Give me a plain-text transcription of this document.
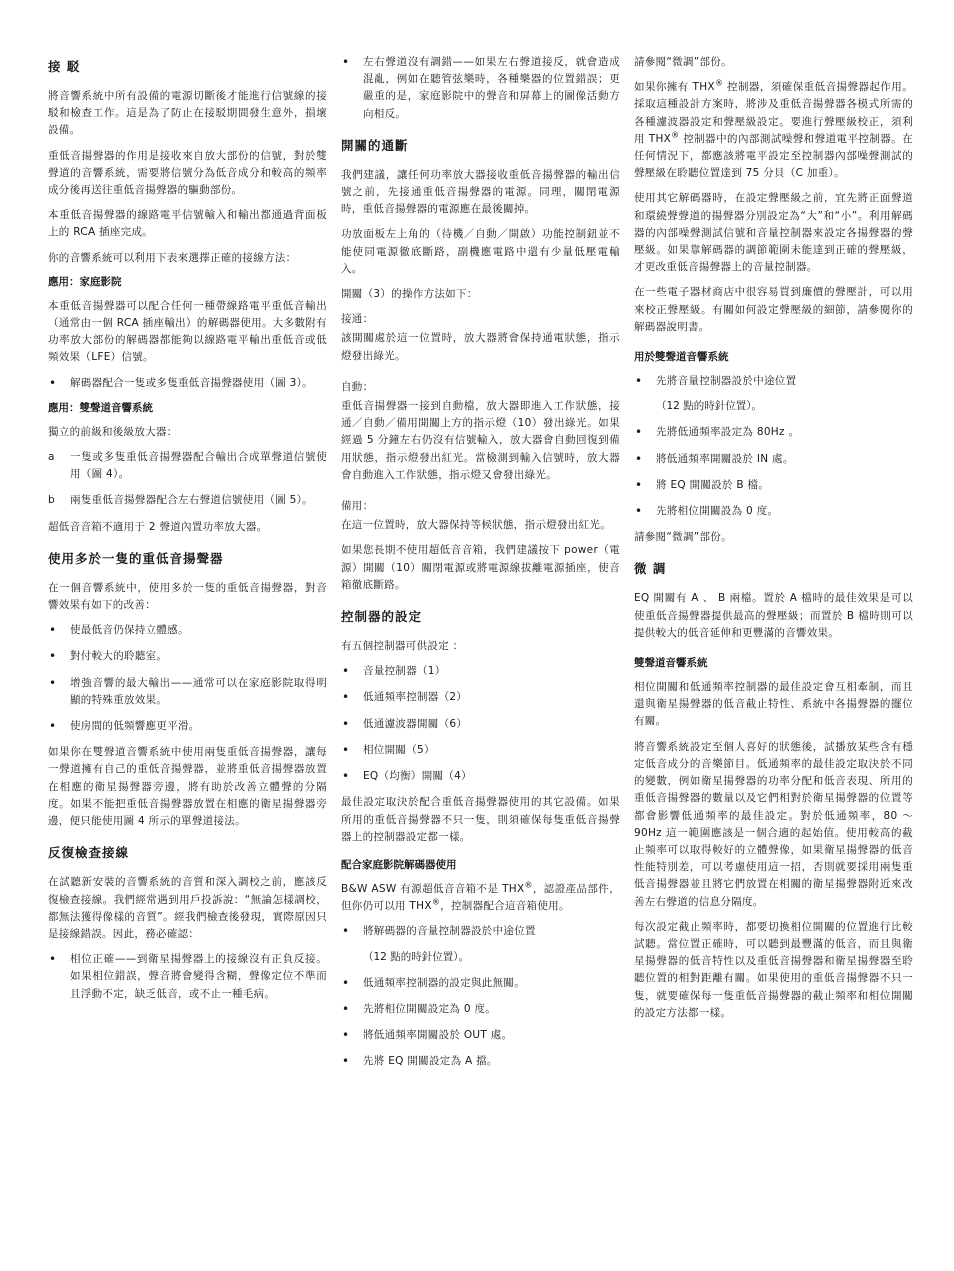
接 駁

將音響系統中所有設備的電源切斷後才能進行信號線的接駁和檢查工作。這是為了防止在接駁期間發生意外，損壞設備。

重低音揚聲器的作用是接收來自放大部份的信號，對於雙聲道的音響系統，需要將信號分為低音成分和較高的頻率成分後再送往重低音揚聲器的驅動部份。

本重低音揚聲器的線路電平信號輸入和輸出都通過背面板上的 RCA 插座完成。

你的音響系統可以利用下表來選擇正確的接線方法：

應用：家庭影院

本重低音揚聲器可以配合任何一種帶線路電平重低音輸出（通常由一個 RCA 插座輸出）的解碼器使用。大多數附有功率放大部份的解碼器都能夠以線路電平輸出重低音或低頻效果（LFE）信號。

• 解碼器配合一隻或多隻重低音揚聲器使用（圖 3）。
應用：雙聲道音響系統

獨立的前級和後級放大器：

a	一隻或多隻重低音揚聲器配合輸出合成單聲道信號使用（圖 4）。
b	兩隻重低音揚聲器配合左右聲道信號使用（圖 5）。

超低音音箱不適用于 2 聲道內置功率放大器。

使用多於一隻的重低音揚聲器

在一個音響系統中，使用多於一隻的重低音揚聲器，對音響效果有如下的改善：

• 使最低音仍保持立體感。
• 對付較大的聆聽室。
• 增強音響的最大輸出——通常可以在家庭影院取得明顯的特殊重放效果。
• 使房間的低頻響應更平滑。

如果你在雙聲道音響系統中使用兩隻重低音揚聲器，讓每一聲道擁有自己的重低音揚聲器，並將重低音揚聲器放置在相應的衛星揚聲器旁邊，將有助於改善立體聲的分隔度。如果不能把重低音揚聲器放置在相應的衛星揚聲器旁邊，便只能使用圖 4 所示的單聲道接法。

反復檢查接線

在試聽新安裝的音響系統的音質和深入調校之前，應該反復檢查接線。我們經常遇到用戶投訴說：“無論怎樣調校，都無法獲得像樣的音質”。經我們檢查後發現，實際原因只是接線錯誤。因此，務必確認：

• 相位正確——到衛星揚聲器上的接線沒有正負反接。如果相位錯誤，聲音將會變得含糊，聲像定位不準而且浮動不定，缺乏低音，或不止一種毛病。
• 左右聲道沒有調錯——如果左右聲道接反，就會造成混亂，例如在聽管弦樂時，各種樂器的位置錯誤；更嚴重的是，家庭影院中的聲音和屏幕上的圖像活動方向相反。
開關的通斷

我們建議，讓任何功率放大器接收重低音揚聲器的輸出信號之前，先接通重低音揚聲器的電源。同理，關閉電源時，重低音揚聲器的電源應在最後關掉。

功放面板左上角的（待機／自動／開啟）功能控制鈕並不能使同電源徹底斷路，副機應電路中還有少量低壓電輸入。

開關（3）的操作方法如下：

接通：

該開關處於這一位置時，放大器將會保持通電狀態，指示燈發出綠光。

自動：

重低音揚聲器一接到自動檔，放大器即進入工作狀態，接通／自動／備用開關上方的指示燈（10）發出綠光。如果經過 5 分鐘左右仍沒有信號輸入，放大器會自動回復到備用狀態，指示燈發出紅光。當檢測到輸入信號時，放大器會自動進入工作狀態，指示燈又會發出綠光。

備用：

在這一位置時，放大器保持等候狀態，指示燈發出紅光。

如果您長期不使用超低音音箱，我們建議按下 power（電源）開關（10）關閉電源或將電源線拔離電源插座，使音箱徹底斷路。

控制器的設定

有五個控制器可供設定 ：

• 音量控制器（1）
• 低通頻率控制器（2）
• 低通濾波器開關（6）
• 相位開關（5）
• EQ（均衡）開關（4）

最佳設定取決於配合重低音揚聲器使用的其它設備。如果所用的重低音揚聲器不只一隻，則須確保每隻重低音揚聲器上的控制器設定都一樣。

配合家庭影院解碼器使用

B&W ASW 有源超低音音箱不是 THX®，認證產品部件，但你仍可以用 THX®，控制器配合這音箱使用。

• 將解碼器的音量控制器設於中途位置
（12 點的時針位置）。
• 低通頻率控制器的設定與此無關。
• 先將相位開關設定為 0 度。
• 將低通頻率開關設於 OUT 處。
• 先將 EQ 開關設定為 A 擋。

請參閱“微調”部份。

如果你擁有 THX® 控制器，須確保重低音揚聲器起作用。採取這種設計方案時，將涉及重低音揚聲器各模式所需的各種濾波器設定和聲壓級設定。要進行聲壓級校正，須利用 THX® 控制器中的內部測試噪聲和聲道電平控制器。在任何情況下，都應該將電平設定至控制器內部噪聲測試的聲壓級在聆聽位置達到 75 分貝（C 加重）。

使用其它解碼器時，在設定聲壓級之前，宜先將正面聲道和環繞聲聲道的揚聲器分別設定為“大”和“小”。利用解碼器的內部噪聲測試信號和音量控制器來設定各揚聲器的聲壓級。如果靠解碼器的調節範圍未能達到正確的聲壓級，才更改重低音揚聲器上的音量控制器。

在一些電子器材商店中很容易買到廉價的聲壓計，可以用來校正聲壓級。有關如何設定聲壓級的細節，請參閱你的解碼器說明書。

用於雙聲道音響系統
• 先將音量控制器設於中途位置
（12 點的時針位置）。
• 先將低通頻率設定為 80Hz 。
• 將低通頻率開關設於 IN 處。
• 將 EQ 開關設於 B 檔。
• 先將相位開關設為 0 度。

請參閱“微調”部份。

微 調

EQ 開關有 A 、 B 兩檔。置於 A 檔時的最佳效果是可以使重低音揚聲器提供最高的聲壓級；而置於 B 檔時則可以提供較大的低音延伸和更豐滿的音響效果。

雙聲道音響系統

相位開關和低通頻率控制器的最佳設定會互相牽制，而且還與衛星揚聲器的低音截止特性、系統中各揚聲器的擺位有關。

將音響系統設定至個人喜好的狀態後，試播放某些含有穩定低音成分的音樂節目。低通頻率的最佳設定取決於不同的變數，例如衛星揚聲器的功率分配和低音表現、所用的重低音揚聲器的數量以及它們相對於衛星揚聲器的位置等都會影響低通頻率的最佳設定。對於低通頻率，80 ～ 90Hz 這一範圍應該是一個合適的起始值。使用較高的截止頻率可以取得較好的立體聲像，如果衛星揚聲器的低音性能特別差，可以考慮使用這一招，否則就要採用兩隻重低音揚聲器並且將它們放置在相關的衛星揚聲器附近來改善左右聲道的信息分隔度。

每次設定截止頻率時，都要切換相位開關的位置進行比較試聽。當位置正確時，可以聽到最豐滿的低音，而且與衛星揚聲器的低音特性以及重低音揚聲器和衛星揚聲器至聆聽位置的相對距離有關。如果使用的重低音揚聲器不只一隻，就要確保每一隻重低音揚聲器的截止頻率和相位開關的設定方法都一樣。
